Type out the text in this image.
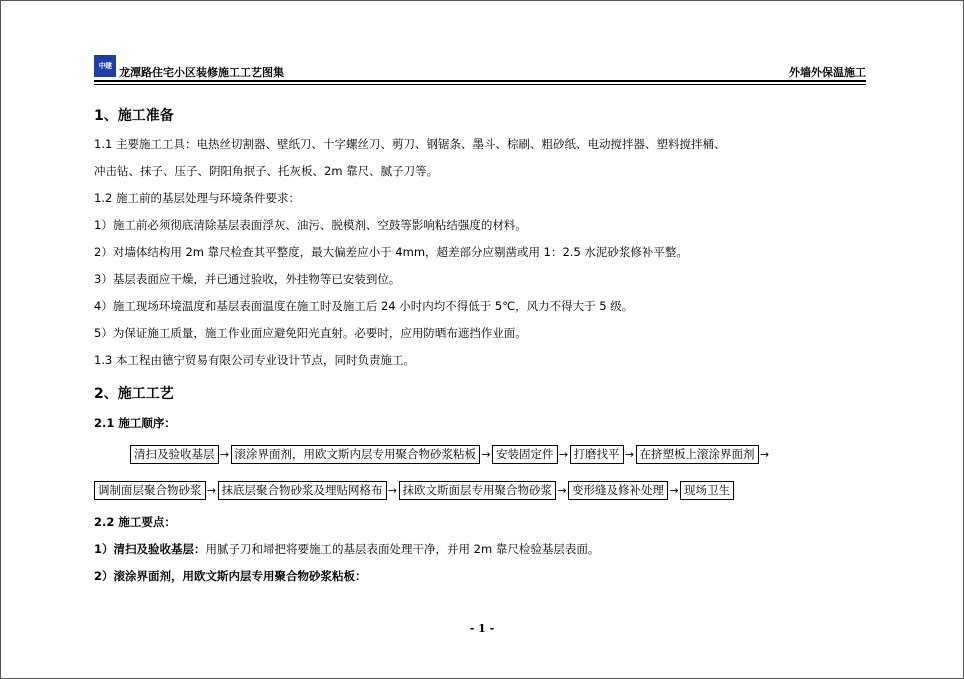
中建 龙潭路住宅小区装修施工工艺图集	外墙外保温施工
1、施工准备
1.1 主要施工工具：电热丝切割器、壁纸刀、十字螺丝刀、剪刀、钢锯条、墨斗、棕刷、粗砂纸、电动搅拌器、塑料搅拌桶、
冲击钻、抹子、压子、阴阳角抿子、托灰板、2m 靠尺、腻子刀等。
1.2 施工前的基层处理与环境条件要求：
1）施工前必须彻底清除基层表面浮灰、油污、脱模剂、空鼓等影响粘结强度的材料。
2）对墙体结构用 2m 靠尺检查其平整度，最大偏差应小于 4mm，超差部分应剔凿或用 1：2.5 水泥砂浆修补平整。
3）基层表面应干燥，并已通过验收，外挂物等已安装到位。
4）施工现场环境温度和基层表面温度在施工时及施工后 24 小时内均不得低于 5℃，风力不得大于 5 级。
5）为保证施工质量，施工作业面应避免阳光直射。必要时，应用防晒布遮挡作业面。
1.3 本工程由德宁贸易有限公司专业设计节点，同时负责施工。
2、施工工艺
2.1 施工顺序：
清扫及验收基层 → 滚涂界面剂，用欧文斯内层专用聚合物砂浆粘板 → 安装固定件 → 打磨找平 → 在挤塑板上滚涂界面剂 →
调制面层聚合物砂浆 → 抹底层聚合物砂浆及埋贴网格布 → 抹欧文斯面层专用聚合物砂浆 → 变形缝及修补处理 → 现场卫生
2.2 施工要点：
1）清扫及验收基层：用腻子刀和埽把将要施工的基层表面处理干净，并用 2m 靠尺检验基层表面。
2）滚涂界面剂，用欧文斯内层专用聚合物砂浆粘板：
- 1 -
